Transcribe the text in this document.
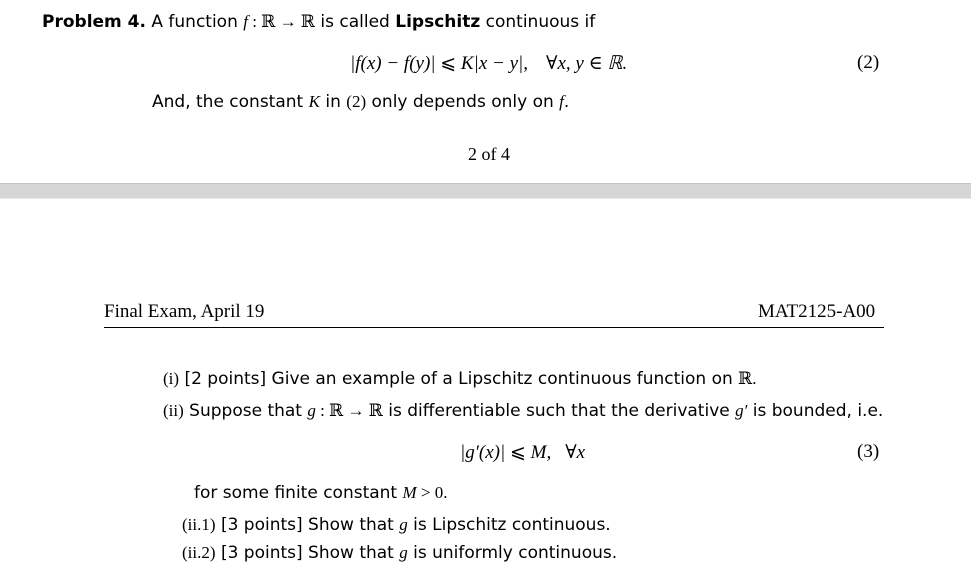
Problem 4. A function f : ℝ → ℝ is called Lipschitz continuous if
|f(x) − f(y)| ⩽ K|x − y|, ∀x, y ∈ ℝ.	(2)
And, the constant K in (2) only depends only on f.
2 of 4
Final Exam, April 19	MAT2125-A00
(i) [2 points] Give an example of a Lipschitz continuous function on ℝ.
(ii) Suppose that g : ℝ → ℝ is differentiable such that the derivative g′ is bounded, i.e.
|g′(x)| ⩽ M, ∀x	(3)
for some finite constant M > 0.
(ii.1) [3 points] Show that g is Lipschitz continuous.
(ii.2) [3 points] Show that g is uniformly continuous.
